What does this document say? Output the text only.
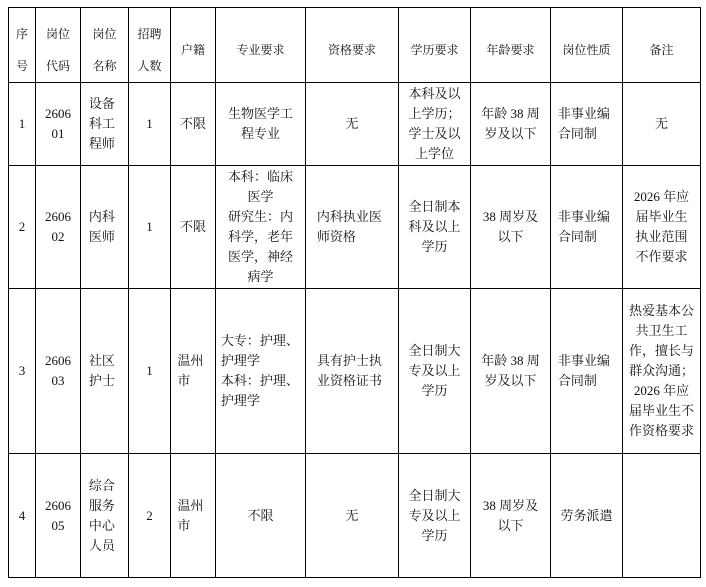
序号	岗位代码	岗位名称	招聘人数	户籍	专业要求	资格要求	学历要求	年龄要求	岗位性质	备注

1	260601	设备科工程师	1	不限	生物医学工程专业	无	本科及以上学历；学士及以上学位	年龄 38 周岁及以下	非事业编合同制	无

2	260602	内科医师	1	不限	本科：临床医学
研究生：内科学，老年医学，神经病学	内科执业医师资格	全日制本科及以上学历	38 周岁及以下	非事业编合同制	2026 年应届毕业生执业范围不作要求

3	260603	社区护士	1	温州市	大专：护理、护理学
本科：护理、护理学	具有护士执业资格证书	全日制大专及以上学历	年龄 38 周岁及以下	非事业编合同制	热爱基本公共卫生工作，擅长与群众沟通；2026 年应届毕业生不作资格要求

4	260605	综合服务中心人员	2	温州市	不限	无	全日制大专及以上学历	38 周岁及以下	劳务派遣	
